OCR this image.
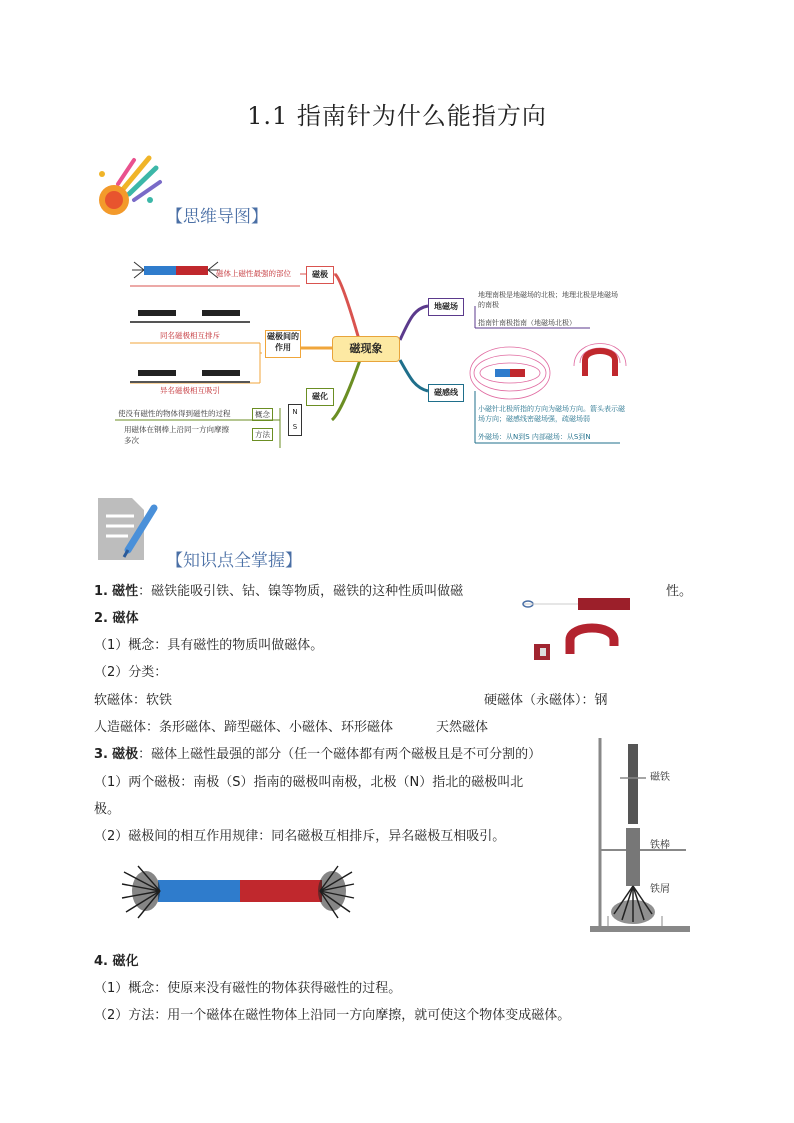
1.1 指南针为什么能指方向
【思维导图】
磁现象
磁极
磁体上磁性最强的部位
磁极间的作用
同名磁极相互排斥
异名磁极相互吸引
磁化
使没有磁性的物体得到磁性的过程	概念
用磁体在钢棒上沿同一方向摩擦多次
方法
N
S
地磁场
地理南极是地磁场的北极；地理北极是地磁场的南极
指南针南极指南（地磁场北极）
磁感线
小磁针北极所指的方向为磁场方向。箭头表示磁场方向；磁感线密磁场强，疏磁场弱
外磁场：从N到S 内部磁场：从S到N
【知识点全掌握】
1. 磁性：磁铁能吸引铁、钴、镍等物质，磁铁的这种性质叫做磁	性。
2. 磁体
（1）概念：具有磁性的物质叫做磁体。
（2）分类：
软磁体：软铁	硬磁体（永磁体）：钢
人造磁体：条形磁体、蹄型磁体、小磁体、环形磁体	天然磁体
3. 磁极：磁体上磁性最强的部分（任一个磁体都有两个磁极且是不可分割的）
（1）两个磁极：南极（S）指南的磁极叫南极，北极（N）指北的磁极叫北
极。
（2）磁极间的相互作用规律：同名磁极互相排斥，异名磁极互相吸引。
磁铁
铁棒
铁屑
4. 磁化
（1）概念：使原来没有磁性的物体获得磁性的过程。
（2）方法：用一个磁体在磁性物体上沿同一方向摩擦，就可使这个物体变成磁体。
